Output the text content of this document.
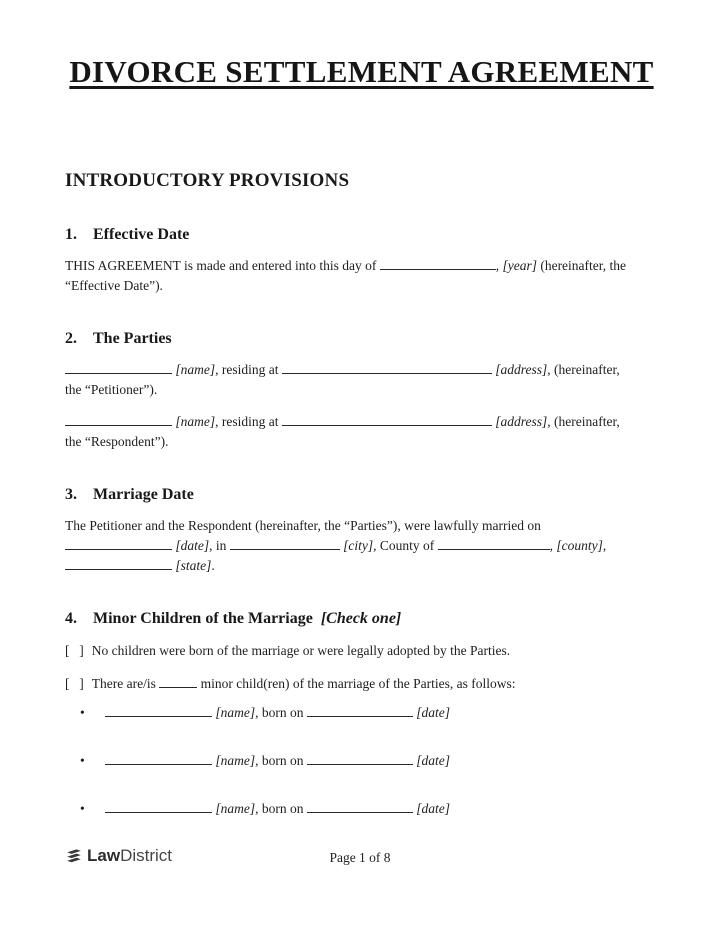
DIVORCE SETTLEMENT AGREEMENT
INTRODUCTORY PROVISIONS
1. Effective Date
THIS AGREEMENT is made and entered into this day of	, [year] (hereinafter, the
“Effective Date”).
2. The Parties
[name], residing at	[address], (hereinafter,
the “Petitioner”).
[name], residing at	[address], (hereinafter,
the “Respondent”).
3. Marriage Date
The Petitioner and the Respondent (hereinafter, the “Parties”), were lawfully married on
[date], in	[city], County of	, [county],
[state].
4. Minor Children of the Marriage [Check one]
[  ] No children were born of the marriage or were legally adopted by the Parties.
[  ] There are/is	minor child(ren) of the marriage of the Parties, as follows:
•	[name], born on	[date]
•	[name], born on	[date]
•	[name], born on	[date]
Law District	Page 1 of 8
